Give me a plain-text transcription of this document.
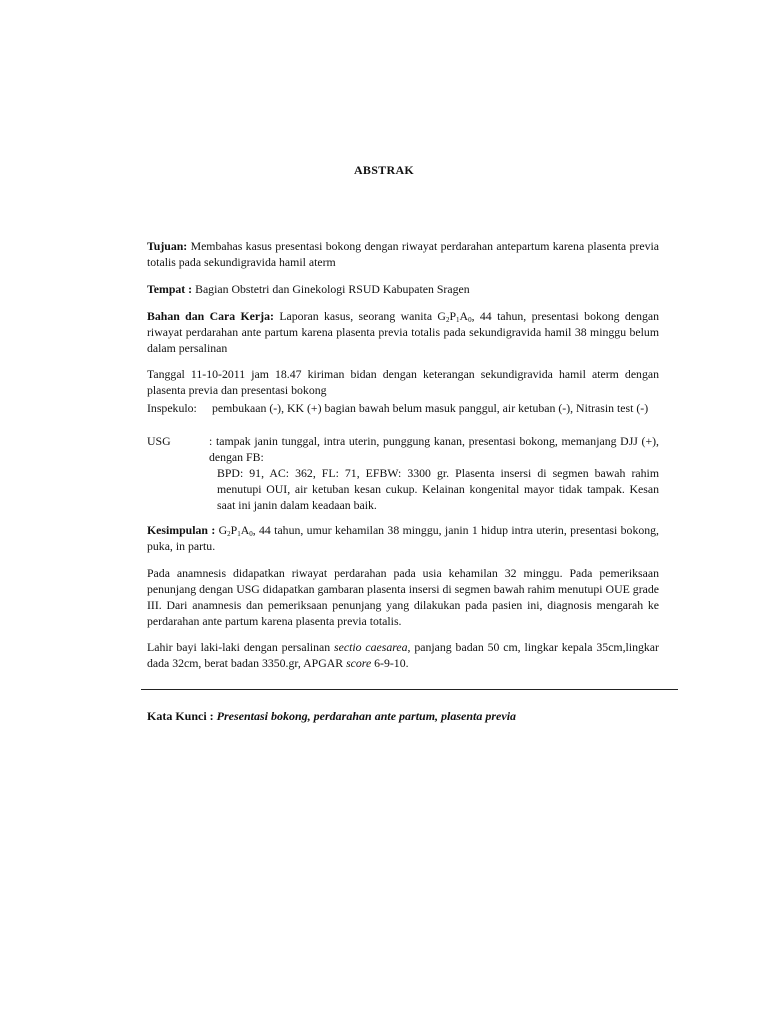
ABSTRAK
Tujuan: Membahas kasus presentasi bokong dengan riwayat perdarahan antepartum karena plasenta previa totalis pada sekundigravida hamil aterm
Tempat : Bagian Obstetri dan Ginekologi RSUD Kabupaten Sragen
Bahan dan Cara Kerja: Laporan kasus, seorang wanita $G_2P_1A_0$, 44 tahun, presentasi bokong dengan riwayat perdarahan ante partum karena plasenta previa totalis pada sekundigravida hamil 38 minggu belum dalam persalinan
Tanggal 11-10-2011 jam 18.47 kiriman bidan dengan keterangan sekundigravida hamil aterm dengan plasenta previa dan presentasi bokong
Inspekulo: pembukaan (-), KK (+) bagian bawah belum masuk panggul, air ketuban (-), Nitrasin test (-)
USG	: tampak janin tunggal, intra uterin, punggung kanan, presentasi bokong, memanjang DJJ (+), dengan FB:
BPD: 91, AC: 362, FL: 71, EFBW: 3300 gr. Plasenta insersi di segmen bawah rahim menutupi OUI, air ketuban kesan cukup. Kelainan kongenital mayor tidak tampak. Kesan saat ini janin dalam keadaan baik.
Kesimpulan : $G_2P_1A_0$, 44 tahun, umur kehamilan 38 minggu, janin 1 hidup intra uterin, presentasi bokong, puka, in partu.
Pada anamnesis didapatkan riwayat perdarahan pada usia kehamilan 32 minggu. Pada pemeriksaan penunjang dengan USG didapatkan gambaran plasenta insersi di segmen bawah rahim menutupi OUE grade III. Dari anamnesis dan pemeriksaan penunjang yang dilakukan pada pasien ini, diagnosis mengarah ke perdarahan ante partum karena plasenta previa totalis.
Lahir bayi laki-laki dengan persalinan sectio caesarea, panjang badan 50 cm, lingkar kepala 35cm,lingkar dada 32cm, berat badan 3350.gr, APGAR score 6-9-10.
Kata Kunci : Presentasi bokong, perdarahan ante partum, plasenta previa
